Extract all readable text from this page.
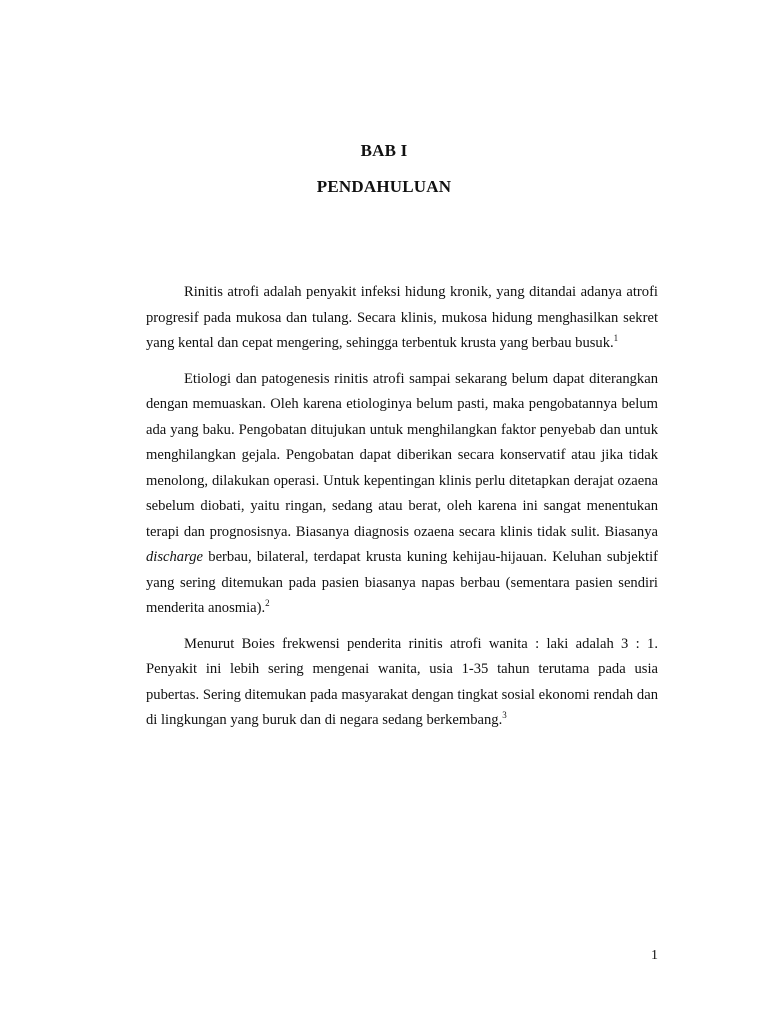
BAB I
PENDAHULUAN

Rinitis atrofi adalah penyakit infeksi hidung kronik, yang ditandai adanya atrofi progresif pada mukosa dan tulang. Secara klinis, mukosa hidung menghasilkan sekret yang kental dan cepat mengering, sehingga terbentuk krusta yang berbau busuk.$^1$

Etiologi dan patogenesis rinitis atrofi sampai sekarang belum dapat diterangkan dengan memuaskan. Oleh karena etiologinya belum pasti, maka pengobatannya belum ada yang baku. Pengobatan ditujukan untuk menghilangkan faktor penyebab dan untuk menghilangkan gejala. Pengobatan dapat diberikan secara konservatif atau jika tidak menolong, dilakukan operasi. Untuk kepentingan klinis perlu ditetapkan derajat ozaena sebelum diobati, yaitu ringan, sedang atau berat, oleh karena ini sangat menentukan terapi dan prognosisnya. Biasanya diagnosis ozaena secara klinis tidak sulit. Biasanya discharge berbau, bilateral, terdapat krusta kuning kehijau-hijauan. Keluhan subjektif yang sering ditemukan pada pasien biasanya napas berbau (sementara pasien sendiri menderita anosmia).$^2$

Menurut Boies frekwensi penderita rinitis atrofi wanita : laki adalah 3 : 1. Penyakit ini lebih sering mengenai wanita, usia 1-35 tahun terutama pada usia pubertas. Sering ditemukan pada masyarakat dengan tingkat sosial ekonomi rendah dan di lingkungan yang buruk dan di negara sedang berkembang.$^3$

1
